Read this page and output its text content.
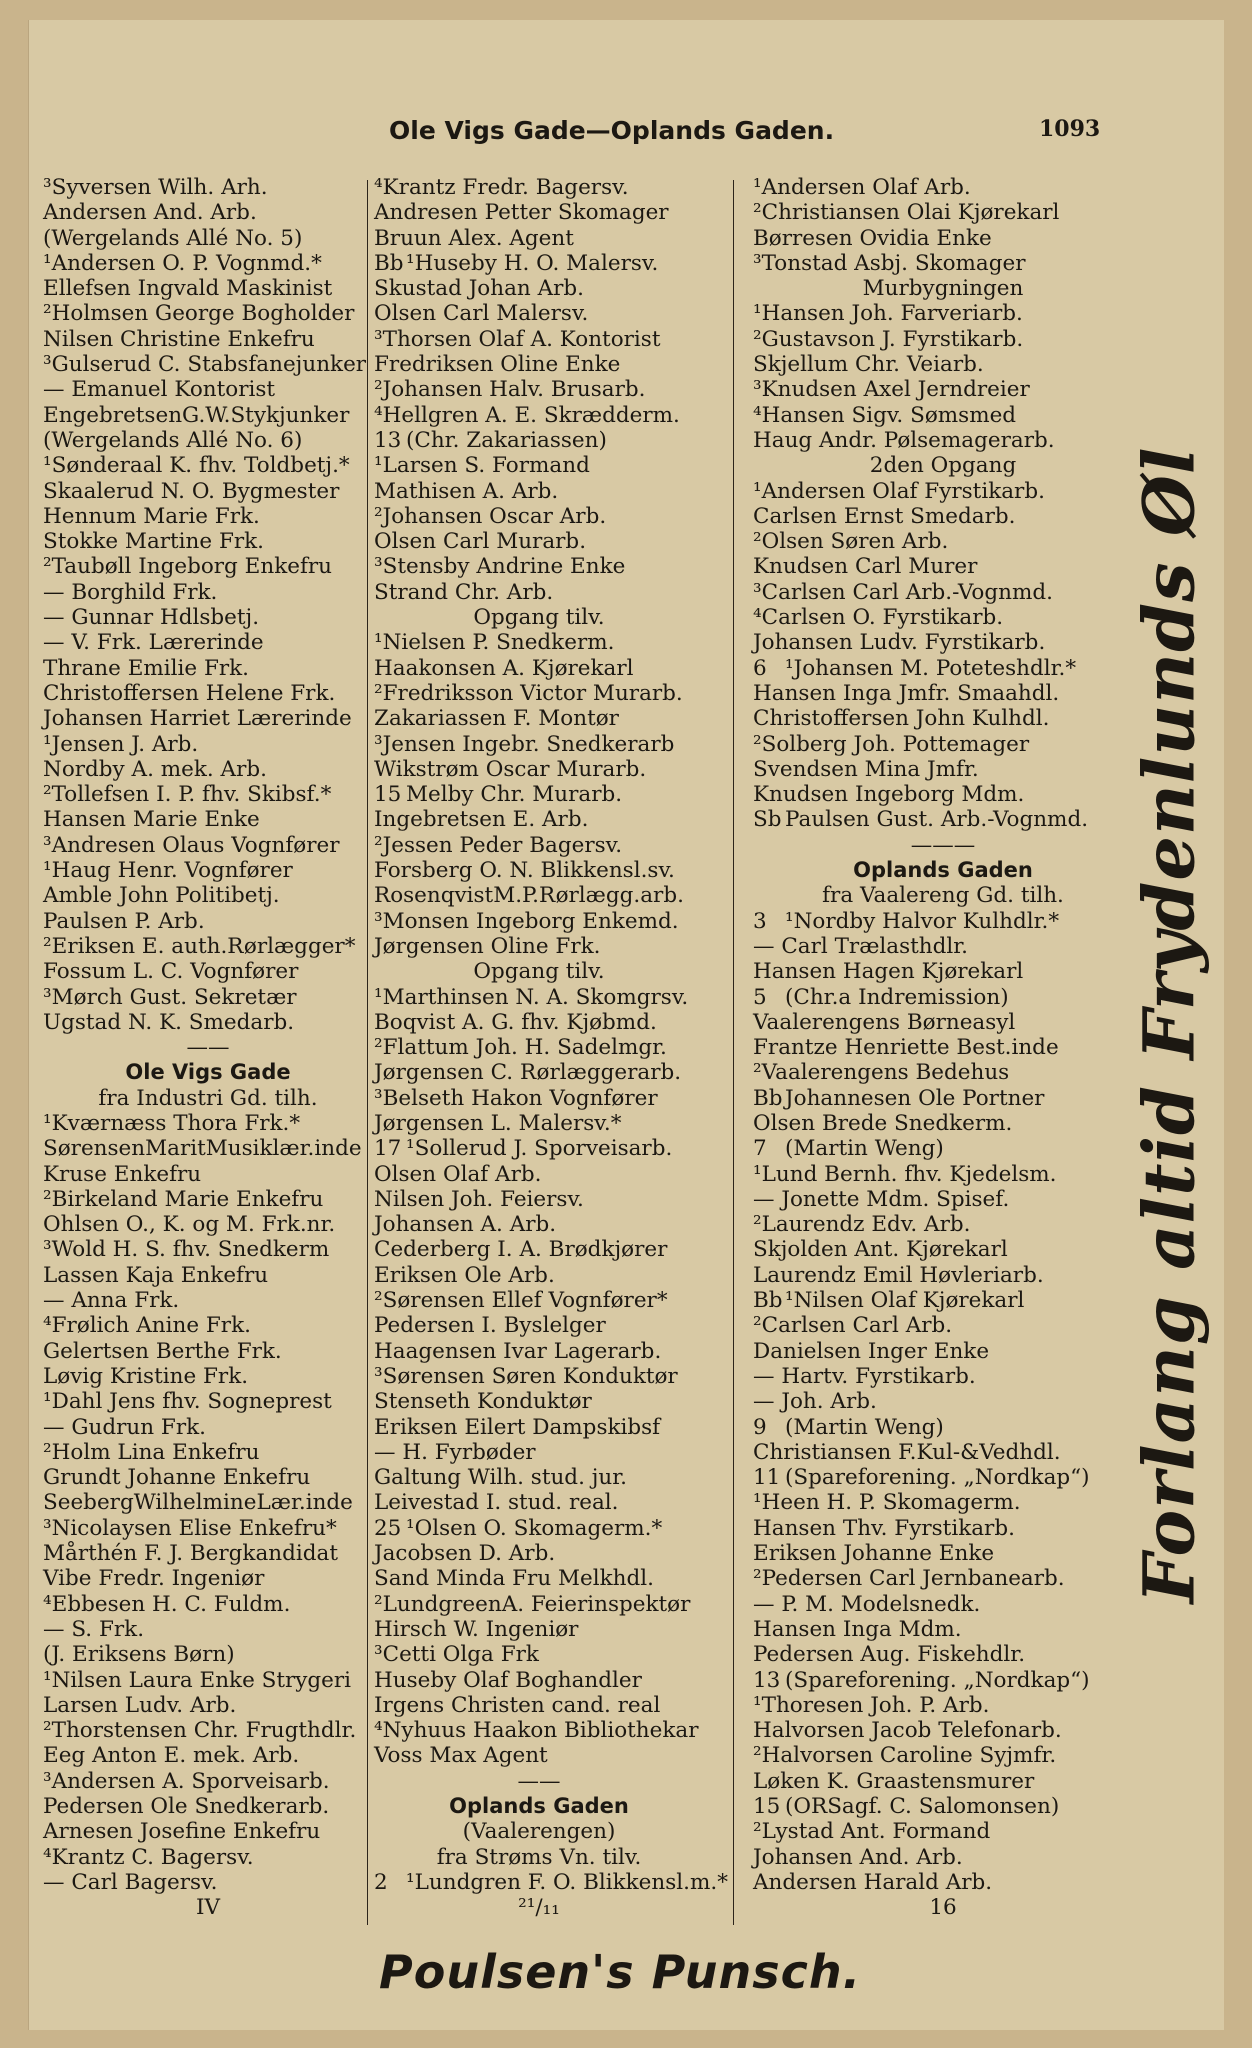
Ole Vigs Gade—Oplands Gaden.	1093
³Syversen Wilh. Arh.
Andersen And. Arb.
(Wergelands Allé No. 5)
¹Andersen O. P. Vognmd.*
Ellefsen Ingvald Maskinist
²Holmsen George Bogholder
Nilsen Christine Enkefru
³Gulserud C. Stabsfanejunker
— Emanuel Kontorist
EngebretsenG.W.Stykjunker
(Wergelands Allé No. 6)
¹Sønderaal K. fhv. Toldbetj.*
Skaalerud N. O. Bygmester
Hennum Marie Frk.
Stokke Martine Frk.
²Taubøll Ingeborg Enkefru
— Borghild Frk.
— Gunnar Hdlsbetj.
— V. Frk. Lærerinde
Thrane Emilie Frk.
Christoffersen Helene Frk.
Johansen Harriet Lærerinde
¹Jensen J. Arb.
Nordby A. mek. Arb.
²Tollefsen I. P. fhv. Skibsf.*
Hansen Marie Enke
³Andresen Olaus Vognfører
¹Haug Henr. Vognfører
Amble John Politibetj.
Paulsen P. Arb.
²Eriksen E. auth.Rørlægger*
Fossum L. C. Vognfører
³Mørch Gust. Sekretær
Ugstad N. K. Smedarb.
——
Ole Vigs Gade
fra Industri Gd. tilh.
¹Kværnæss Thora Frk.*
SørensenMaritMusiklær.inde
Kruse Enkefru
²Birkeland Marie Enkefru
Ohlsen O., K. og M. Frk.nr.
³Wold H. S. fhv. Snedkerm
Lassen Kaja Enkefru
— Anna Frk.
⁴Frølich Anine Frk.
Gelertsen Berthe Frk.
Løvig Kristine Frk.
¹Dahl Jens fhv. Sogneprest
— Gudrun Frk.
²Holm Lina Enkefru
Grundt Johanne Enkefru
SeebergWilhelmineLær.inde
³Nicolaysen Elise Enkefru*
Mårthén F. J. Bergkandidat
Vibe Fredr. Ingeniør
⁴Ebbesen H. C. Fuldm.
— S. Frk.
(J. Eriksens Børn)
¹Nilsen Laura Enke Strygeri
Larsen Ludv. Arb.
²Thorstensen Chr. Frugthdlr.
Eeg Anton E. mek. Arb.
³Andersen A. Sporveisarb.
Pedersen Ole Snedkerarb.
Arnesen Josefine Enkefru
⁴Krantz C. Bagersv.
— Carl Bagersv.
IV
⁴Krantz Fredr. Bagersv.
Andresen Petter Skomager
Bruun Alex. Agent
Bb ¹Huseby H. O. Malersv.
Skustad Johan Arb.
Olsen Carl Malersv.
³Thorsen Olaf A. Kontorist
Fredriksen Oline Enke
²Johansen Halv. Brusarb.
⁴Hellgren A. E. Skrædderm.
13 (Chr. Zakariassen)
¹Larsen S. Formand
Mathisen A. Arb.
²Johansen Oscar Arb.
Olsen Carl Murarb.
³Stensby Andrine Enke
Strand Chr. Arb.
Opgang tilv.
¹Nielsen P. Snedkerm.
Haakonsen A. Kjørekarl
²Fredriksson Victor Murarb.
Zakariassen F. Montør
³Jensen Ingebr. Snedkerarb
Wikstrøm Oscar Murarb.
15 Melby Chr. Murarb.
Ingebretsen E. Arb.
²Jessen Peder Bagersv.
Forsberg O. N. Blikkensl.sv.
RosenqvistM.P.Rørlægg.arb.
³Monsen Ingeborg Enkemd.
Jørgensen Oline Frk.
Opgang tilv.
¹Marthinsen N. A. Skomgrsv.
Boqvist A. G. fhv. Kjøbmd.
²Flattum Joh. H. Sadelmgr.
Jørgensen C. Rørlæggerarb.
³Belseth Hakon Vognfører
Jørgensen L. Malersv.*
17 ¹Sollerud J. Sporveisarb.
Olsen Olaf Arb.
Nilsen Joh. Feiersv.
Johansen A. Arb.
Cederberg I. A. Brødkjører
Eriksen Ole Arb.
²Sørensen Ellef Vognfører*
Pedersen I. Byslelger
Haagensen Ivar Lagerarb.
³Sørensen Søren Konduktør
Stenseth Konduktør
Eriksen Eilert Dampskibsf
— H. Fyrbøder
Galtung Wilh. stud. jur.
Leivestad I. stud. real.
25 ¹Olsen O. Skomagerm.*
Jacobsen D. Arb.
Sand Minda Fru Melkhdl.
²LundgreenA. Feierinspektør
Hirsch W. Ingeniør
³Cetti Olga Frk
Huseby Olaf Boghandler
Irgens Christen cand. real
⁴Nyhuus Haakon Bibliothekar
Voss Max Agent
——
Oplands Gaden
(Vaalerengen)
fra Strøms Vn. tilv.
2 ¹Lundgren F. O. Blikkensl.m.*
²¹/₁₁
¹Andersen Olaf Arb.
²Christiansen Olai Kjørekarl
Børresen Ovidia Enke
³Tonstad Asbj. Skomager
Murbygningen
¹Hansen Joh. Farveriarb.
²Gustavson J. Fyrstikarb.
Skjellum Chr. Veiarb.
³Knudsen Axel Jerndreier
⁴Hansen Sigv. Sømsmed
Haug Andr. Pølsemagerarb.
2den Opgang
¹Andersen Olaf Fyrstikarb.
Carlsen Ernst Smedarb.
²Olsen Søren Arb.
Knudsen Carl Murer
³Carlsen Carl Arb.-Vognmd.
⁴Carlsen O. Fyrstikarb.
Johansen Ludv. Fyrstikarb.
6 ¹Johansen M. Poteteshdlr.*
Hansen Inga Jmfr. Smaahdl.
Christoffersen John Kulhdl.
²Solberg Joh. Pottemager
Svendsen Mina Jmfr.
Knudsen Ingeborg Mdm.
Sb Paulsen Gust. Arb.-Vognmd.
———
Oplands Gaden
fra Vaalereng Gd. tilh.
3 ¹Nordby Halvor Kulhdlr.*
— Carl Trælasthdlr.
Hansen Hagen Kjørekarl
5 (Chr.a Indremission)
Vaalerengens Børneasyl
Frantze Henriette Best.inde
²Vaalerengens Bedehus
Bb Johannesen Ole Portner
Olsen Brede Snedkerm.
7 (Martin Weng)
¹Lund Bernh. fhv. Kjedelsm.
— Jonette Mdm. Spisef.
²Laurendz Edv. Arb.
Skjolden Ant. Kjørekarl
Laurendz Emil Høvleriarb.
Bb ¹Nilsen Olaf Kjørekarl
²Carlsen Carl Arb.
Danielsen Inger Enke
— Hartv. Fyrstikarb.
— Joh. Arb.
9 (Martin Weng)
Christiansen F.Kul-&Vedhdl.
11 (Spareforening. „Nordkap“)
¹Heen H. P. Skomagerm.
Hansen Thv. Fyrstikarb.
Eriksen Johanne Enke
²Pedersen Carl Jernbanearb.
— P. M. Modelsnedk.
Hansen Inga Mdm.
Pedersen Aug. Fiskehdlr.
13 (Spareforening. „Nordkap“)
¹Thoresen Joh. P. Arb.
Halvorsen Jacob Telefonarb.
²Halvorsen Caroline Syjmfr.
Løken K. Graastensmurer
15 (ORSagf. C. Salomonsen)
²Lystad Ant. Formand
Johansen And. Arb.
Andersen Harald Arb.
16
Forlang altid Frydenlunds Øl
Poulsen's Punsch.
